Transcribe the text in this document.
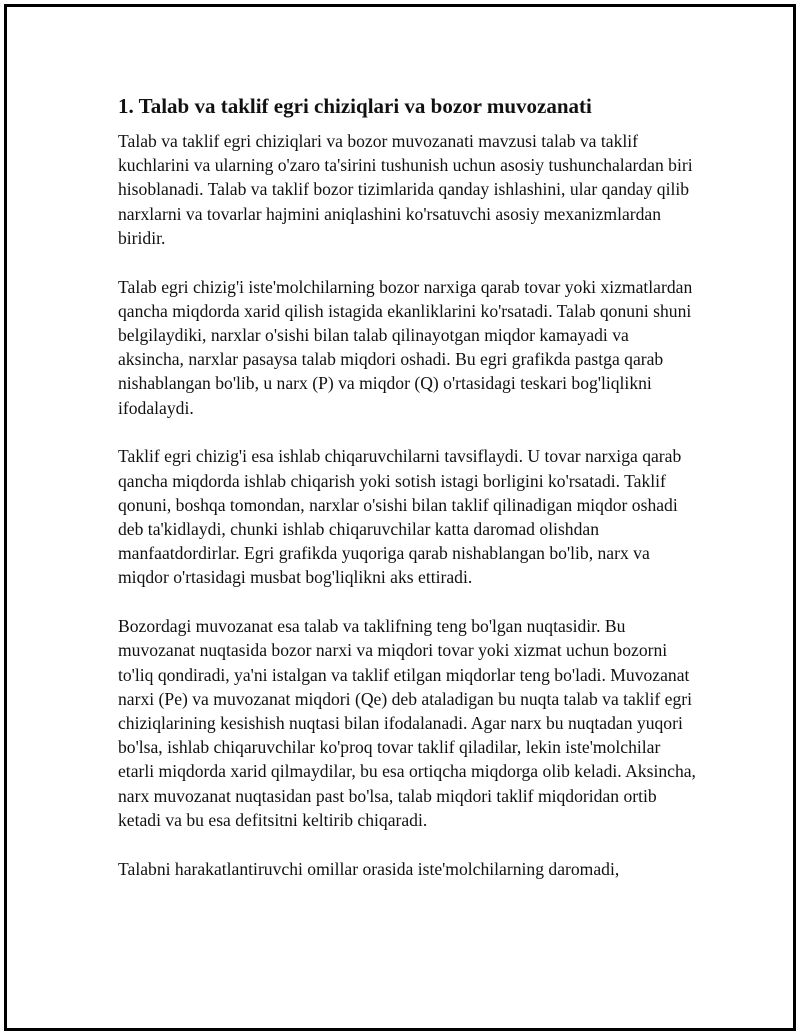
1. Talab va taklif egri chiziqlari va bozor muvozanati

Talab va taklif egri chiziqlari va bozor muvozanati mavzusi talab va taklif kuchlarini va ularning o'zaro ta'sirini tushunish uchun asosiy tushunchalardan biri hisoblanadi. Talab va taklif bozor tizimlarida qanday ishlashini, ular qanday qilib narxlarni va tovarlar hajmini aniqlashini ko'rsatuvchi asosiy mexanizmlardan biridir.

Talab egri chizig'i iste'molchilarning bozor narxiga qarab tovar yoki xizmatlardan qancha miqdorda xarid qilish istagida ekanliklarini ko'rsatadi. Talab qonuni shuni belgilaydiki, narxlar o'sishi bilan talab qilinayotgan miqdor kamayadi va aksincha, narxlar pasaysa talab miqdori oshadi. Bu egri grafikda pastga qarab nishablangan bo'lib, u narx (P) va miqdor (Q) o'rtasidagi teskari bog'liqlikni ifodalaydi.

Taklif egri chizig'i esa ishlab chiqaruvchilarni tavsiflaydi. U tovar narxiga qarab qancha miqdorda ishlab chiqarish yoki sotish istagi borligini ko'rsatadi. Taklif qonuni, boshqa tomondan, narxlar o'sishi bilan taklif qilinadigan miqdor oshadi deb ta'kidlaydi, chunki ishlab chiqaruvchilar katta daromad olishdan manfaatdordirlar. Egri grafikda yuqoriga qarab nishablangan bo'lib, narx va miqdor o'rtasidagi musbat bog'liqlikni aks ettiradi.

Bozordagi muvozanat esa talab va taklifning teng bo'lgan nuqtasidir. Bu muvozanat nuqtasida bozor narxi va miqdori tovar yoki xizmat uchun bozorni to'liq qondiradi, ya'ni istalgan va taklif etilgan miqdorlar teng bo'ladi. Muvozanat narxi (Pe) va muvozanat miqdori (Qe) deb ataladigan bu nuqta talab va taklif egri chiziqlarining kesishish nuqtasi bilan ifodalanadi. Agar narx bu nuqtadan yuqori bo'lsa, ishlab chiqaruvchilar ko'proq tovar taklif qiladilar, lekin iste'molchilar etarli miqdorda xarid qilmaydilar, bu esa ortiqcha miqdorga olib keladi. Aksincha, narx muvozanat nuqtasidan past bo'lsa, talab miqdori taklif miqdoridan ortib ketadi va bu esa defitsitni keltirib chiqaradi.

Talabni harakatlantiruvchi omillar orasida iste'molchilarning daromadi,
